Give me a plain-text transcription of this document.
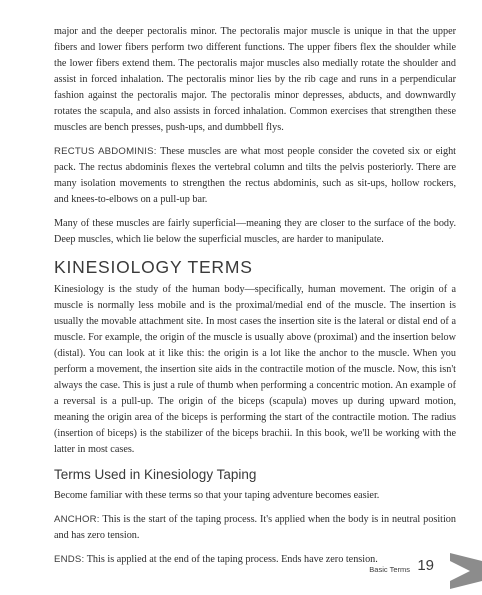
major and the deeper pectoralis minor. The pectoralis major muscle is unique in that the upper fibers and lower fibers perform two different functions. The upper fibers flex the shoulder while the lower fibers extend them. The pectoralis major muscles also medially rotate the shoulder and assist in forced inhalation. The pectoralis minor lies by the rib cage and runs in a perpendicular fashion against the pectoralis major. The pectoralis minor depresses, abducts, and downwardly rotates the scapula, and also assists in forced inhalation. Common exercises that strengthen these muscles are bench presses, push-ups, and dumbbell flys.

RECTUS ABDOMINIS: These muscles are what most people consider the coveted six or eight pack. The rectus abdominis flexes the vertebral column and tilts the pelvis posteriorly. There are many isolation movements to strengthen the rectus abdominis, such as sit-ups, hollow rockers, and knees-to-elbows on a pull-up bar.

Many of these muscles are fairly superficial—meaning they are closer to the surface of the body. Deep muscles, which lie below the superficial muscles, are harder to manipulate.

KINESIOLOGY TERMS

Kinesiology is the study of the human body—specifically, human movement. The origin of a muscle is normally less mobile and is the proximal/medial end of the muscle. The insertion is usually the movable attachment site. In most cases the insertion site is the lateral or distal end of a muscle. For example, the origin of the muscle is usually above (proximal) and the insertion below (distal). You can look at it like this: the origin is a lot like the anchor to the muscle. When you perform a movement, the insertion site aids in the contractile motion of the muscle. Now, this isn't always the case. This is just a rule of thumb when performing a concentric motion. An example of a reversal is a pull-up. The origin of the biceps (scapula) moves up during upward motion, meaning the origin area of the biceps is performing the start of the contractile motion. The radius (insertion of biceps) is the stabilizer of the biceps brachii. In this book, we'll be working with the latter in most cases.

Terms Used in Kinesiology Taping

Become familiar with these terms so that your taping adventure becomes easier.

ANCHOR: This is the start of the taping process. It's applied when the body is in neutral position and has zero tension.

ENDS: This is applied at the end of the taping process. Ends have zero tension.

Basic Terms 19
